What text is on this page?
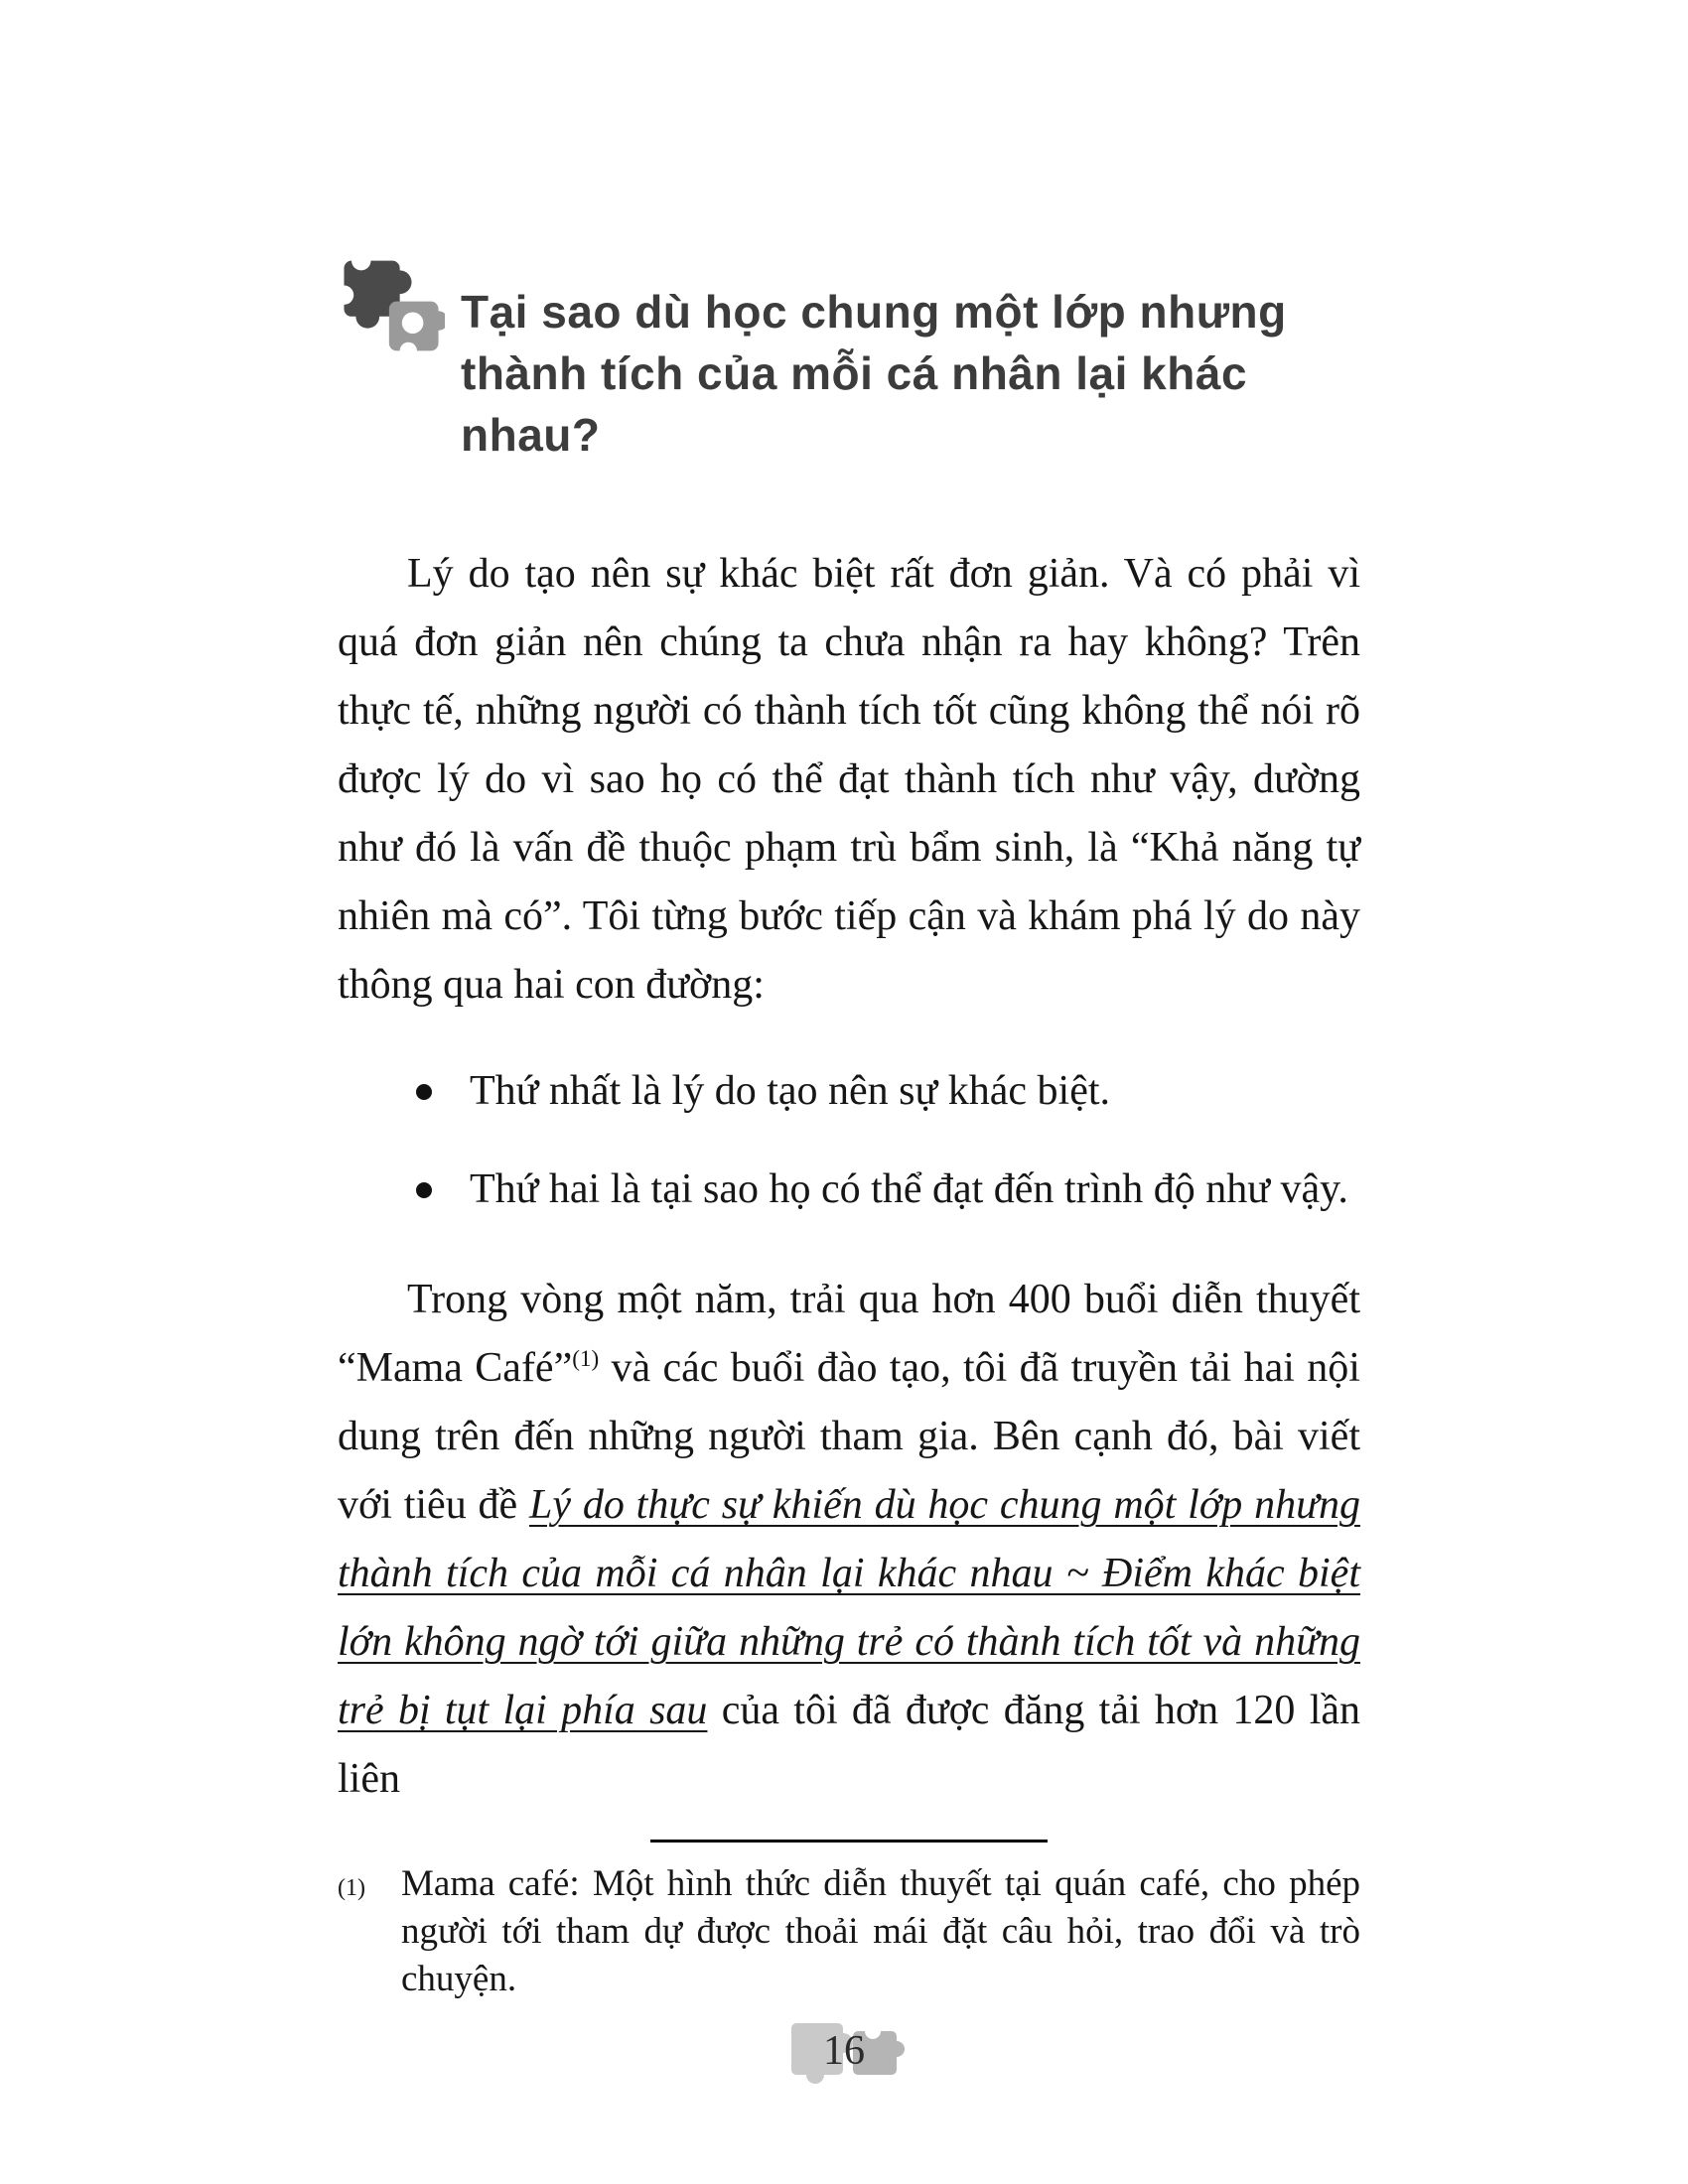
Tại sao dù học chung một lớp nhưng thành tích của mỗi cá nhân lại khác nhau?

Lý do tạo nên sự khác biệt rất đơn giản. Và có phải vì quá đơn giản nên chúng ta chưa nhận ra hay không? Trên thực tế, những người có thành tích tốt cũng không thể nói rõ được lý do vì sao họ có thể đạt thành tích như vậy, dường như đó là vấn đề thuộc phạm trù bẩm sinh, là “Khả năng tự nhiên mà có”. Tôi từng bước tiếp cận và khám phá lý do này thông qua hai con đường:

Thứ nhất là lý do tạo nên sự khác biệt.
Thứ hai là tại sao họ có thể đạt đến trình độ như vậy.

Trong vòng một năm, trải qua hơn 400 buổi diễn thuyết “Mama Café”$^{(1)}$ và các buổi đào tạo, tôi đã truyền tải hai nội dung trên đến những người tham gia. Bên cạnh đó, bài viết với tiêu đề Lý do thực sự khiến dù học chung một lớp nhưng thành tích của mỗi cá nhân lại khác nhau ~ Điểm khác biệt lớn không ngờ tới giữa những trẻ có thành tích tốt và những trẻ bị tụt lại phía sau của tôi đã được đăng tải hơn 120 lần liên

(1) Mama café: Một hình thức diễn thuyết tại quán café, cho phép người tới tham dự được thoải mái đặt câu hỏi, trao đổi và trò chuyện.
16
